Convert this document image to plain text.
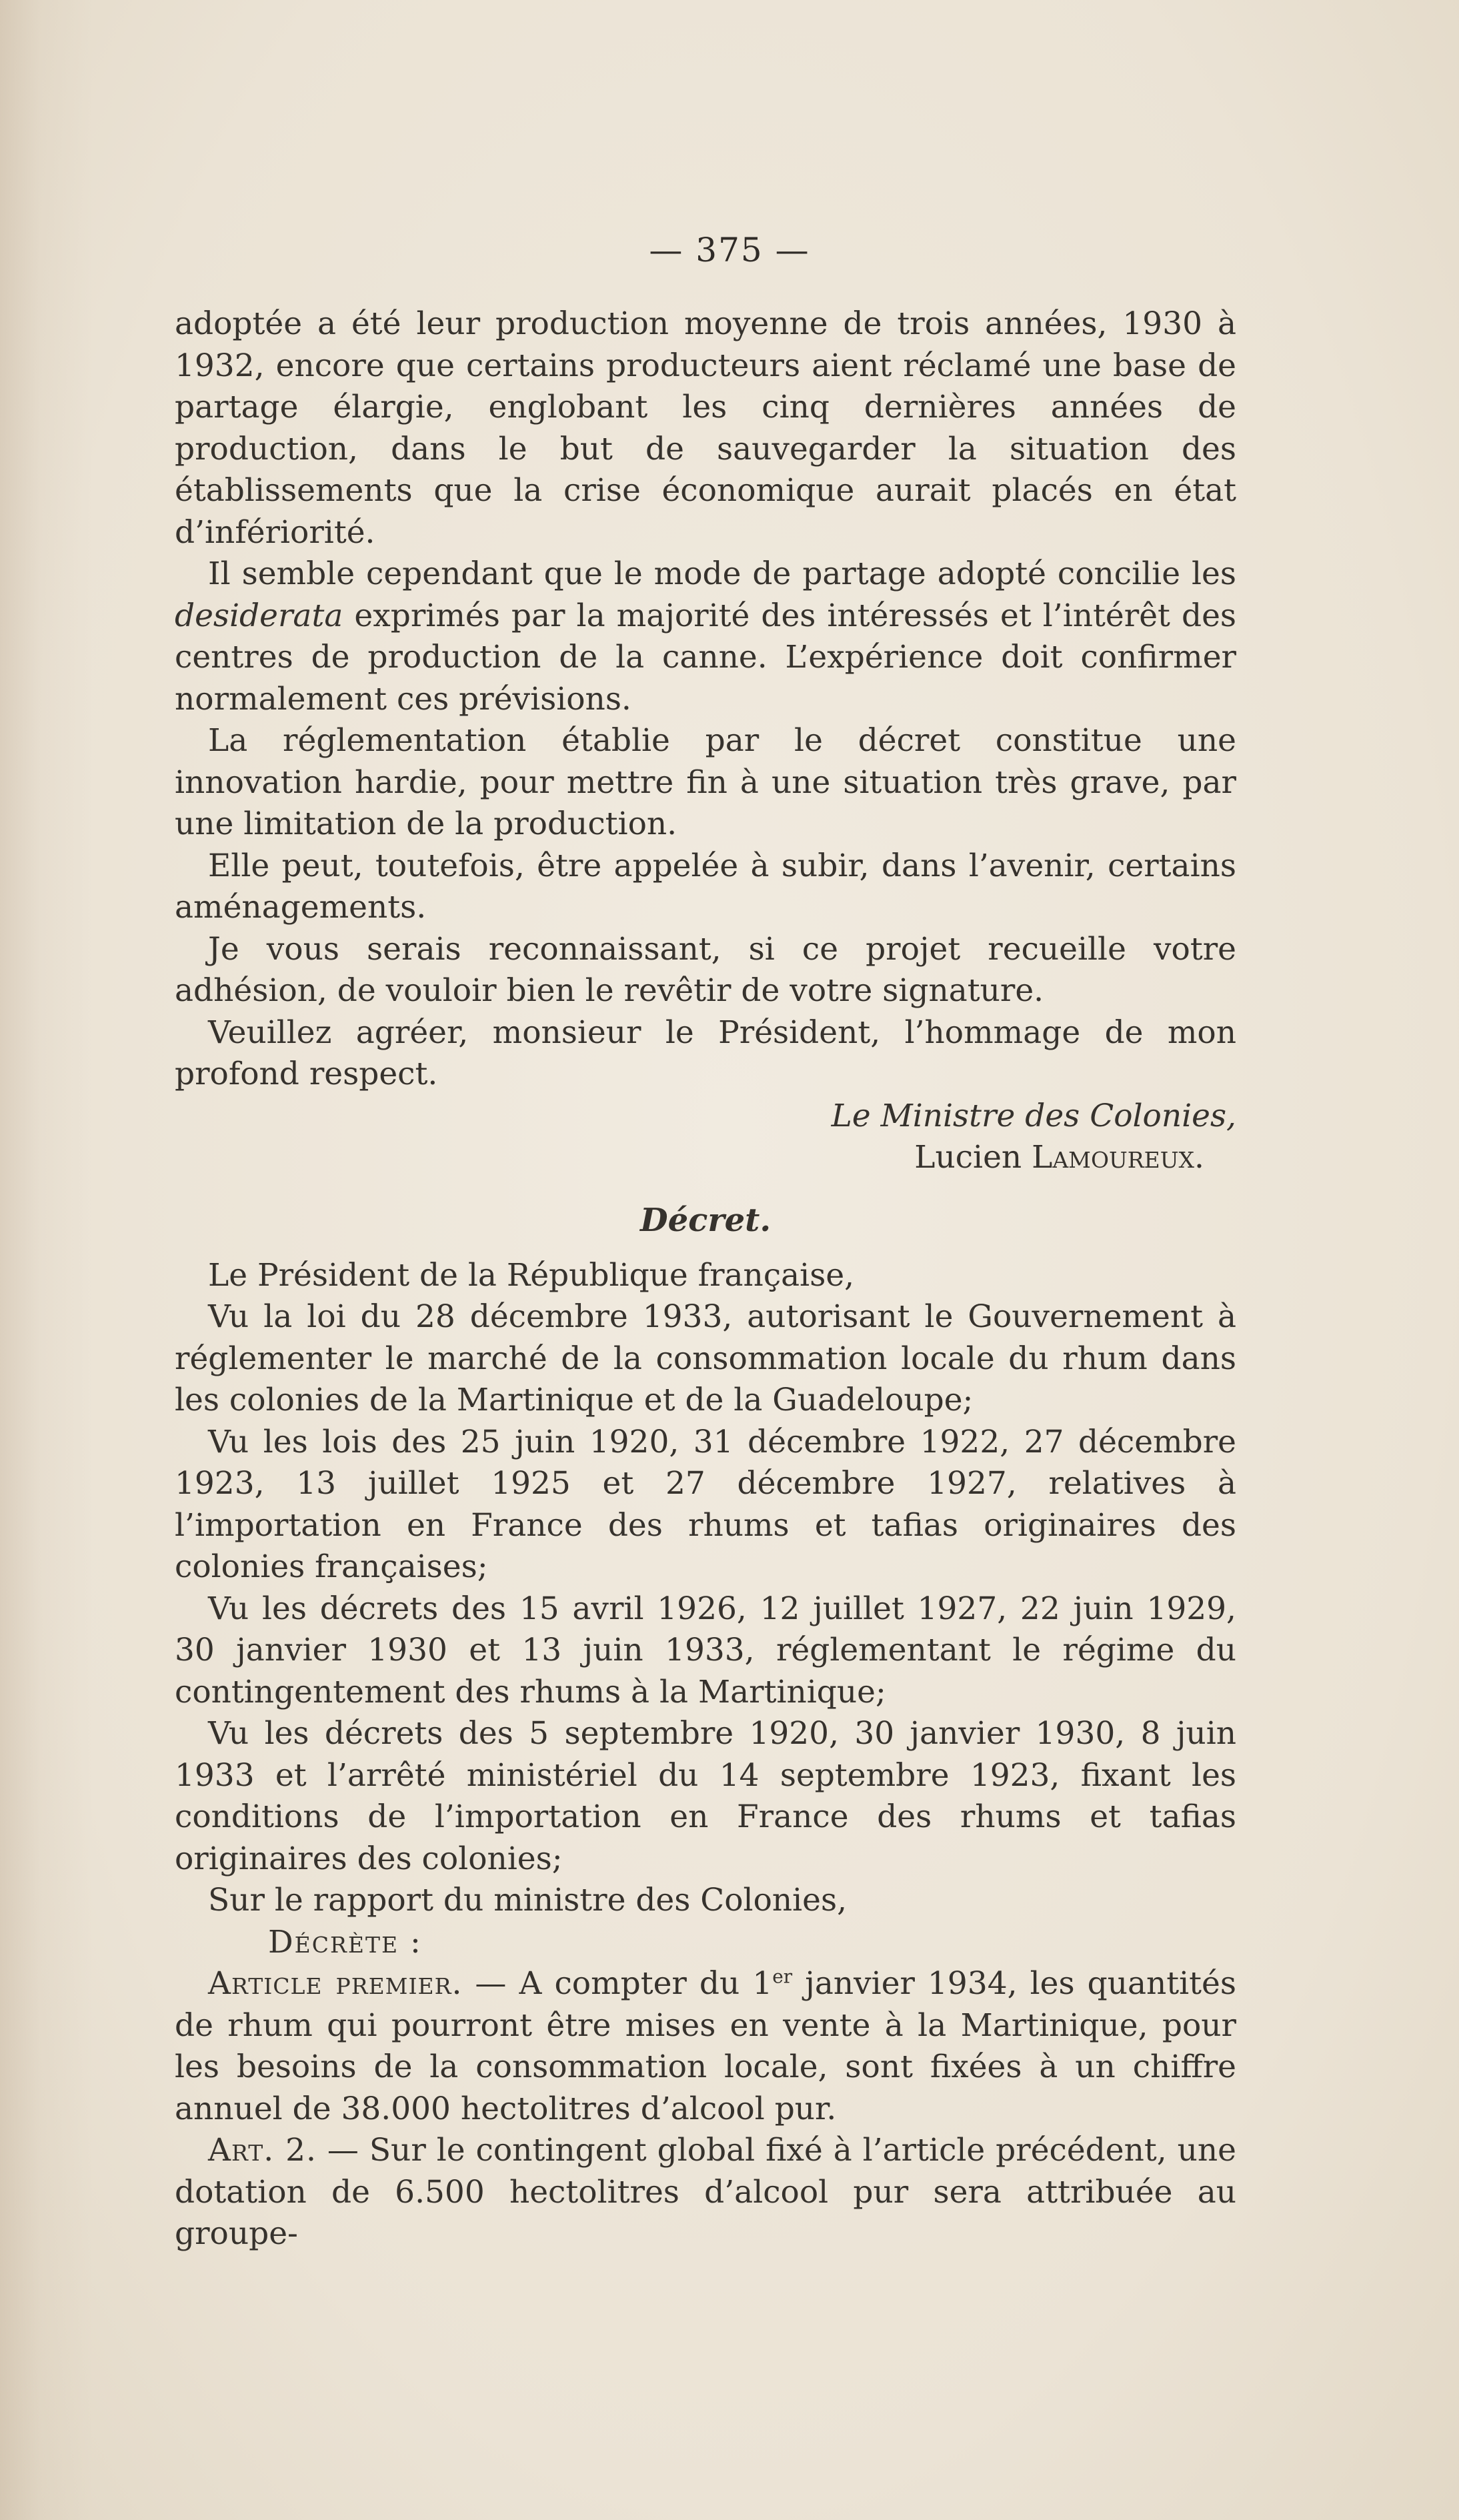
— 375 —

adoptée a été leur production moyenne de trois années, 1930 à 1932, encore que certains producteurs aient réclamé une base de partage élargie, englobant les cinq dernières années de production, dans le but de sauvegarder la situation des établissements que la crise économique aurait placés en état d’infériorité.

Il semble cependant que le mode de partage adopté concilie les desiderata exprimés par la majorité des intéressés et l’intérêt des centres de production de la canne. L’expérience doit confirmer normalement ces prévisions.

La réglementation établie par le décret constitue une innovation hardie, pour mettre fin à une situation très grave, par une limitation de la production.

Elle peut, toutefois, être appelée à subir, dans l’avenir, certains aménagements.

Je vous serais reconnaissant, si ce projet recueille votre adhésion, de vouloir bien le revêtir de votre signature.

Veuillez agréer, monsieur le Président, l’hommage de mon profond respect.

Le Ministre des Colonies,
Lucien Lamoureux.
Décret.

Le Président de la République française,

Vu la loi du 28 décembre 1933, autorisant le Gouvernement à réglementer le marché de la consommation locale du rhum dans les colonies de la Martinique et de la Guadeloupe;

Vu les lois des 25 juin 1920, 31 décembre 1922, 27 décembre 1923, 13 juillet 1925 et 27 décembre 1927, relatives à l’importation en France des rhums et tafias originaires des colonies françaises;

Vu les décrets des 15 avril 1926, 12 juillet 1927, 22 juin 1929, 30 janvier 1930 et 13 juin 1933, réglementant le régime du contingentement des rhums à la Martinique;

Vu les décrets des 5 septembre 1920, 30 janvier 1930, 8 juin 1933 et l’arrêté ministériel du 14 septembre 1923, fixant les conditions de l’importation en France des rhums et tafias originaires des colonies;

Sur le rapport du ministre des Colonies,

Décrète :

Article premier. — A compter du 1er janvier 1934, les quantités de rhum qui pourront être mises en vente à la Martinique, pour les besoins de la consommation locale, sont fixées à un chiffre annuel de 38.000 hectolitres d’alcool pur.

Art. 2. — Sur le contingent global fixé à l’article précédent, une dotation de 6.500 hectolitres d’alcool pur sera attribuée au groupe-
